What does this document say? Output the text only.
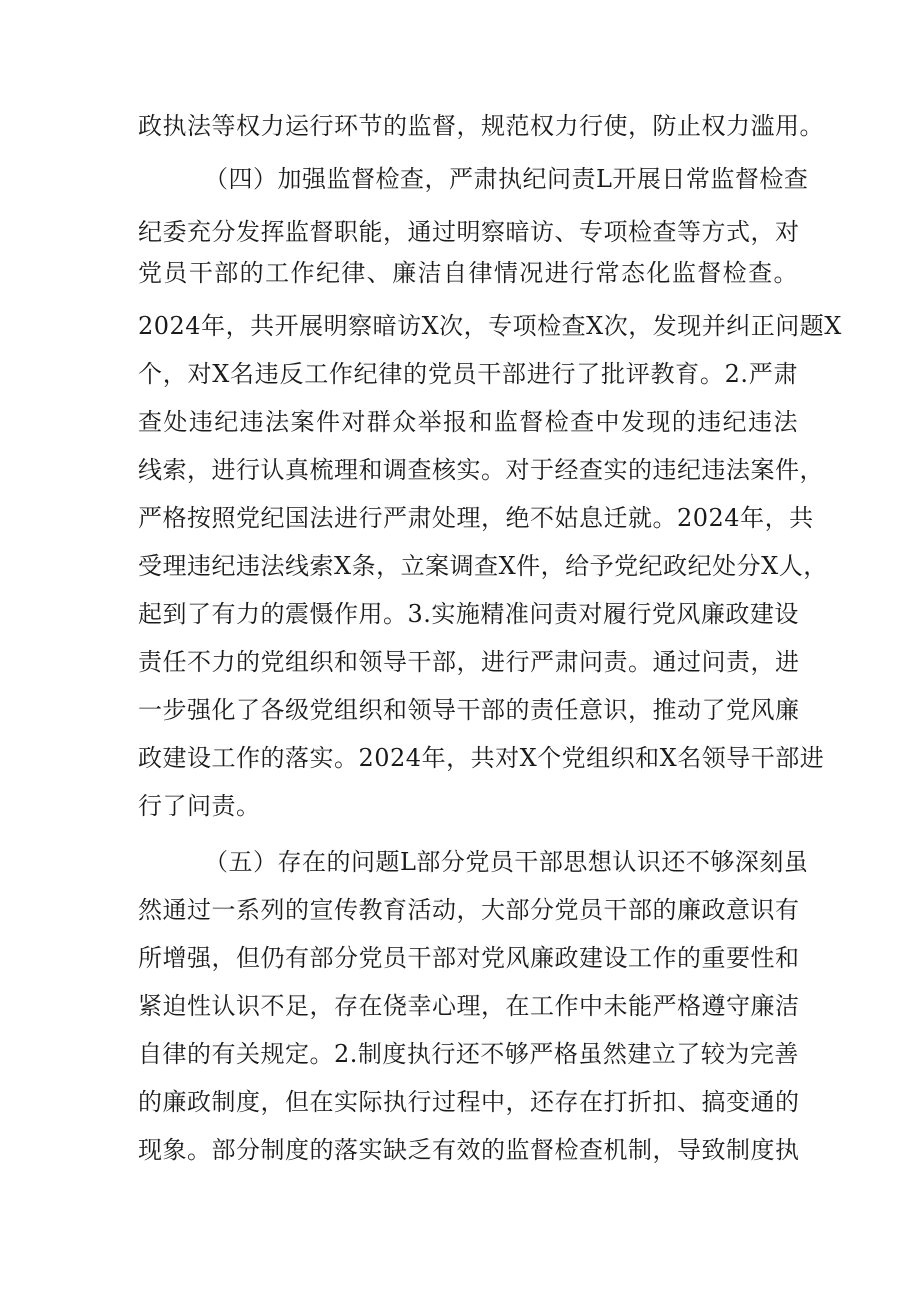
政执法等权力运行环节的监督，规范权力行使，防止权力滥用。
（四）加强监督检查，严肃执纪问责L开展日常监督检查
纪委充分发挥监督职能，通过明察暗访、专项检查等方式，对
党员干部的工作纪律、廉洁自律情况进行常态化监督检查。
2024年，共开展明察暗访X次，专项检查X次，发现并纠正问题X
个，对X名违反工作纪律的党员干部进行了批评教育。2.严肃
查处违纪违法案件对群众举报和监督检查中发现的违纪违法
线索，进行认真梳理和调查核实。对于经查实的违纪违法案件，
严格按照党纪国法进行严肃处理，绝不姑息迁就。2024年，共
受理违纪违法线索X条，立案调查X件，给予党纪政纪处分X人，
起到了有力的震慑作用。3.实施精准问责对履行党风廉政建设
责任不力的党组织和领导干部，进行严肃问责。通过问责，进
一步强化了各级党组织和领导干部的责任意识，推动了党风廉
政建设工作的落实。2024年，共对X个党组织和X名领导干部进
行了问责。
（五）存在的问题L部分党员干部思想认识还不够深刻虽
然通过一系列的宣传教育活动，大部分党员干部的廉政意识有
所增强，但仍有部分党员干部对党风廉政建设工作的重要性和
紧迫性认识不足，存在侥幸心理，在工作中未能严格遵守廉洁
自律的有关规定。2.制度执行还不够严格虽然建立了较为完善
的廉政制度，但在实际执行过程中，还存在打折扣、搞变通的
现象。部分制度的落实缺乏有效的监督检查机制，导致制度执
